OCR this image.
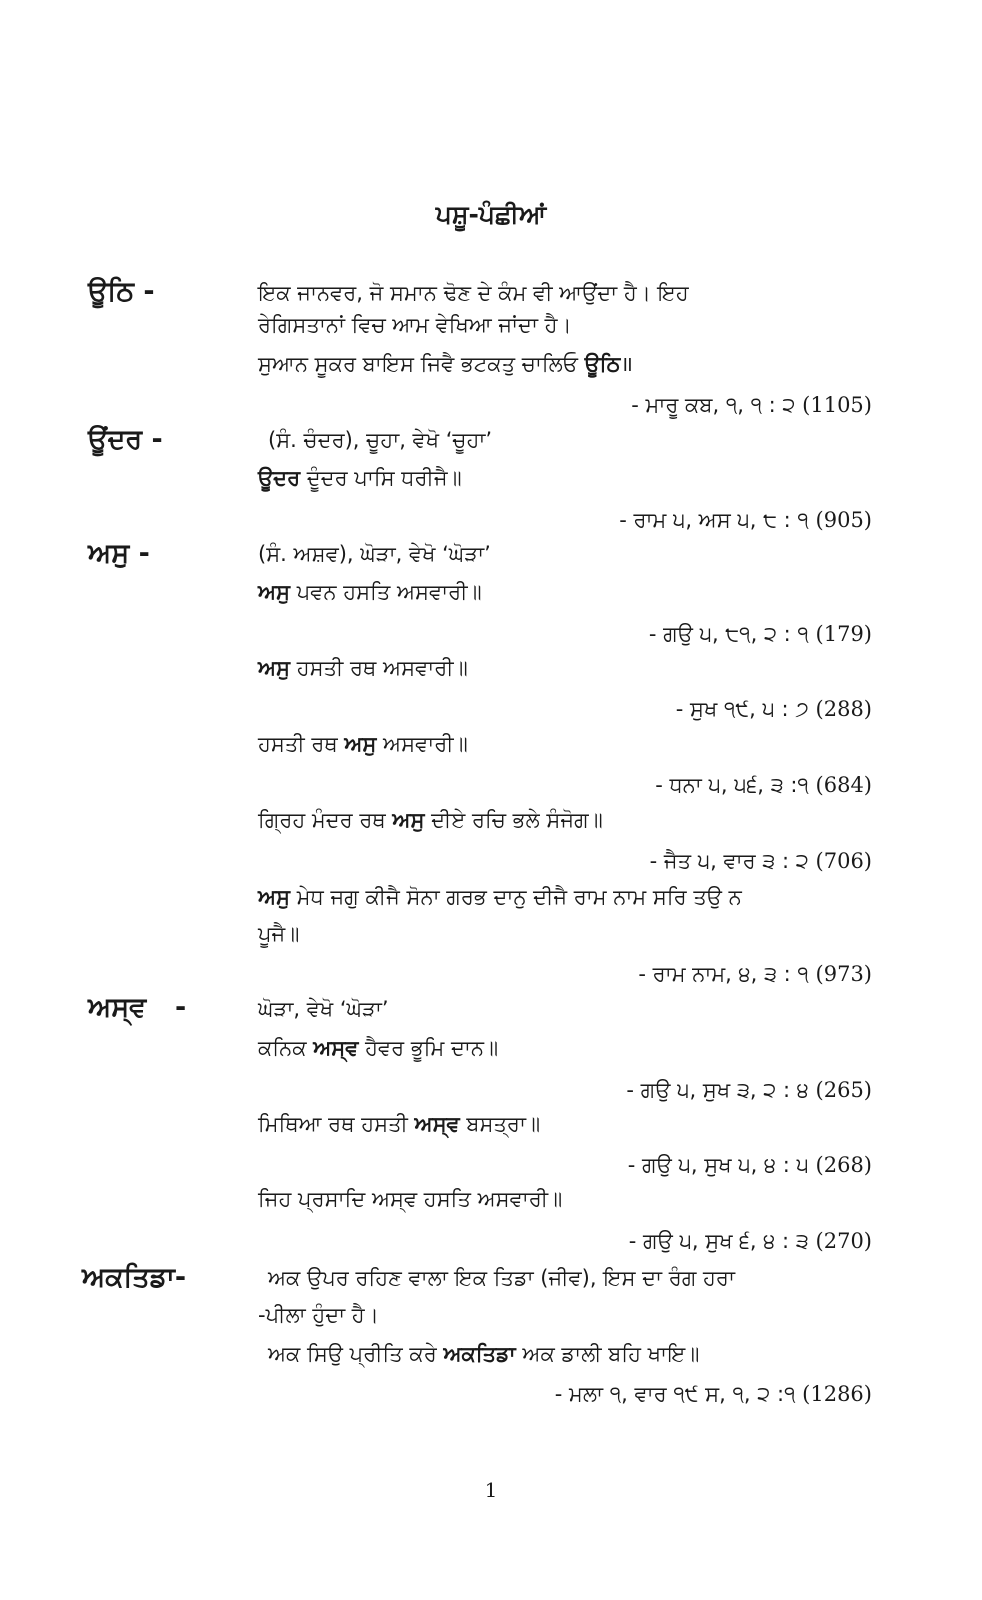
ਪਸ਼ੂ-ਪੰਛੀਆਂ
ਊਠਿ -	ਇਕ ਜਾਨਵਰ, ਜੋ ਸਮਾਨ ਢੋਣ ਦੇ ਕੰਮ ਵੀ ਆਉਂਦਾ ਹੈ। ਇਹ
ਰੇਗਿਸਤਾਨਾਂ ਵਿਚ ਆਮ ਵੇਖਿਆ ਜਾਂਦਾ ਹੈ।
ਸੁਆਨ ਸੂਕਰ ਬਾਇਸ ਜਿਵੈ ਭਟਕਤੁ ਚਾਲਿਓ ਊਠਿ॥
- ਮਾਰੂ ਕਬ, ੧, ੧ : ੨ (1105)
ਊਂਦਰ -	(ਸੰ. ਚੰਦਰ), ਚੂਹਾ, ਵੇਖੋ ‘ਚੂਹਾ’
ਊਦਰ ਦੂੰਦਰ ਪਾਸਿ ਧਰੀਜੈ॥
- ਰਾਮ ੫, ਅਸ ੫, ੮ : ੧ (905)
ਅਸੁ -	(ਸੰ. ਅਸ਼ਵ), ਘੋੜਾ, ਵੇਖੋ ‘ਘੋੜਾ’
ਅਸੁ ਪਵਨ ਹਸਤਿ ਅਸਵਾਰੀ॥
- ਗਉ ੫, ੮੧, ੨ : ੧ (179)
ਅਸੁ ਹਸਤੀ ਰਥ ਅਸਵਾਰੀ॥
- ਸੁਖ ੧੯, ੫ : ੭ (288)
ਹਸਤੀ ਰਥ ਅਸੁ ਅਸਵਾਰੀ॥
- ਧਨਾ ੫, ੫੬, ੩ :੧ (684)
ਗ੍ਰਿਹ ਮੰਦਰ ਰਥ ਅਸੁ ਦੀਏ ਰਚਿ ਭਲੇ ਸੰਜੋਗ॥
- ਜੈਤ ੫, ਵਾਰ ੩ : ੨ (706)
ਅਸੁ ਮੇਧ ਜਗੁ ਕੀਜੈ ਸੋਨਾ ਗਰਭ ਦਾਨੁ ਦੀਜੈ ਰਾਮ ਨਾਮ ਸਰਿ ਤਉ ਨ
ਪੂਜੈ॥
- ਰਾਮ ਨਾਮ, ੪, ੩ : ੧ (973)
ਅਸ੍ਵ -	ਘੋੜਾ, ਵੇਖੋ ‘ਘੋੜਾ’
ਕਨਿਕ ਅਸ੍ਵ ਹੈਵਰ ਭੂਮਿ ਦਾਨ॥
- ਗਉ ੫, ਸੁਖ ੩, ੨ : ੪ (265)
ਮਿਥਿਆ ਰਥ ਹਸਤੀ ਅਸ੍ਵ ਬਸਤ੍ਰਾ॥
- ਗਉ ੫, ਸੁਖ ੫, ੪ : ੫ (268)
ਜਿਹ ਪ੍ਰਸਾਦਿ ਅਸ੍ਵ ਹਸਤਿ ਅਸਵਾਰੀ॥
- ਗਉ ੫, ਸੁਖ ੬, ੪ : ੩ (270)
ਅਕਤਿਡਾ-	ਅਕ ਉਪਰ ਰਹਿਣ ਵਾਲਾ ਇਕ ਤਿਡਾ (ਜੀਵ), ਇਸ ਦਾ ਰੰਗ ਹਰਾ
-ਪੀਲਾ ਹੁੰਦਾ ਹੈ।
ਅਕ ਸਿਉ ਪ੍ਰੀਤਿ ਕਰੇ ਅਕਤਿਡਾ ਅਕ ਡਾਲੀ ਬਹਿ ਖਾਇ॥
- ਮਲਾ ੧, ਵਾਰ ੧੯ ਸ, ੧, ੨ :੧ (1286)
1
